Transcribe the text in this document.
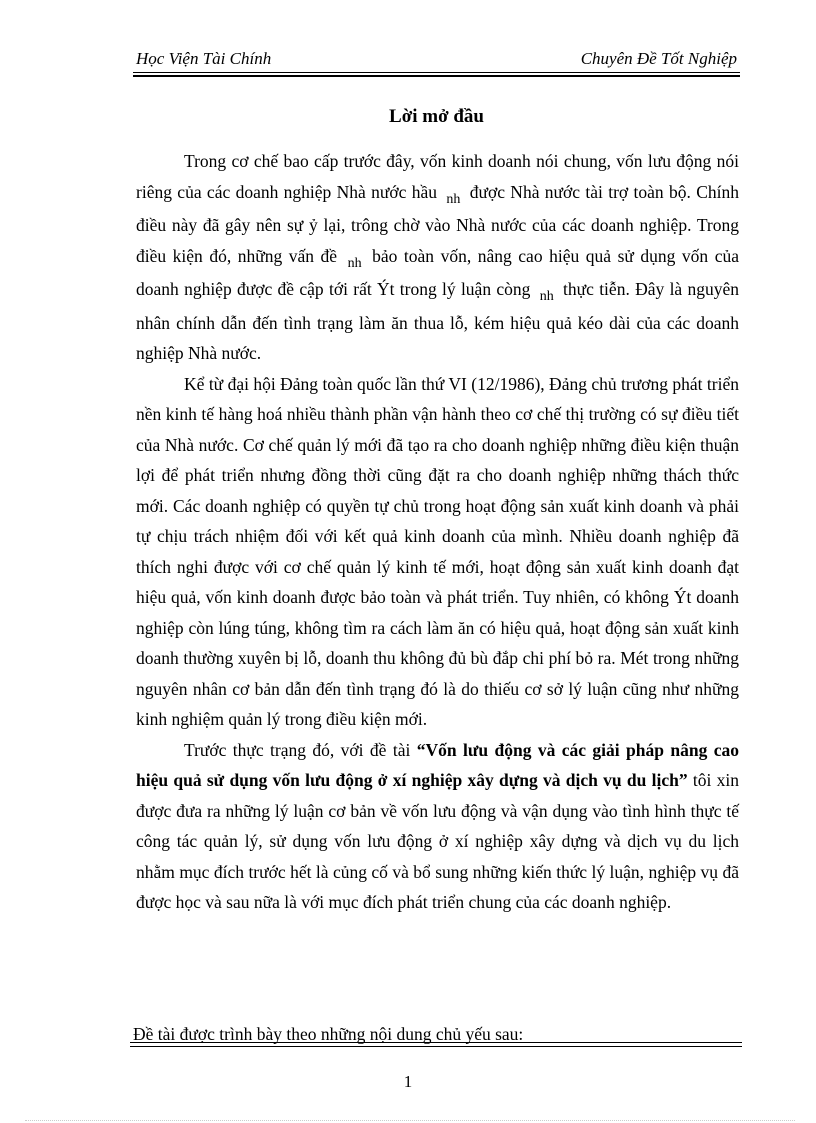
Học Viện Tài Chính	Chuyên Đề Tốt Nghiệp
Lời mở đầu

Trong cơ chế bao cấp trước đây, vốn kinh doanh nói chung, vốn lưu động nói riêng của các doanh nghiệp Nhà nước hầu $_{nh}$ được Nhà nước tài trợ toàn bộ. Chính điều này đã gây nên sự ỷ lại, trông chờ vào Nhà nước của các doanh nghiệp. Trong điều kiện đó, những vấn đề $_{nh}$ bảo toàn vốn, nâng cao hiệu quả sử dụng vốn của doanh nghiệp được đề cập tới rất Ýt trong lý luận còng $_{nh}$ thực tiễn. Đây là nguyên nhân chính dẫn đến tình trạng làm ăn thua lỗ, kém hiệu quả kéo dài của các doanh nghiệp Nhà nước.

Kể từ đại hội Đảng toàn quốc lần thứ VI (12/1986), Đảng chủ trương phát triển nền kinh tế hàng hoá nhiều thành phần vận hành theo cơ chế thị trường có sự điều tiết của Nhà nước. Cơ chế quản lý mới đã tạo ra cho doanh nghiệp những điều kiện thuận lợi để phát triển nhưng đồng thời cũng đặt ra cho doanh nghiệp những thách thức mới. Các doanh nghiệp có quyền tự chủ trong hoạt động sản xuất kinh doanh và phải tự chịu trách nhiệm đối với kết quả kinh doanh của mình. Nhiều doanh nghiệp đã thích nghi được với cơ chế quản lý kinh tế mới, hoạt động sản xuất kinh doanh đạt hiệu quả, vốn kinh doanh được bảo toàn và phát triển. Tuy nhiên, có không Ýt doanh nghiệp còn lúng túng, không tìm ra cách làm ăn có hiệu quả, hoạt động sản xuất kinh doanh thường xuyên bị lỗ, doanh thu không đủ bù đắp chi phí bỏ ra. Mét trong những nguyên nhân cơ bản dẫn đến tình trạng đó là do thiếu cơ sở lý luận cũng như những kinh nghiệm quản lý trong điều kiện mới.

Trước thực trạng đó, với đề tài “Vốn lưu động và các giải pháp nâng cao hiệu quả sử dụng vốn lưu động ở xí nghiệp xây dựng và dịch vụ du lịch” tôi xin được đưa ra những lý luận cơ bản về vốn lưu động và vận dụng vào tình hình thực tế công tác quản lý, sử dụng vốn lưu động ở xí nghiệp xây dựng và dịch vụ du lịch nhằm mục đích trước hết là củng cố và bổ sung những kiến thức lý luận, nghiệp vụ đã được học và sau nữa là với mục đích phát triển chung của các doanh nghiệp.

Đề tài được trình bày theo những nội dung chủ yếu sau:
1
